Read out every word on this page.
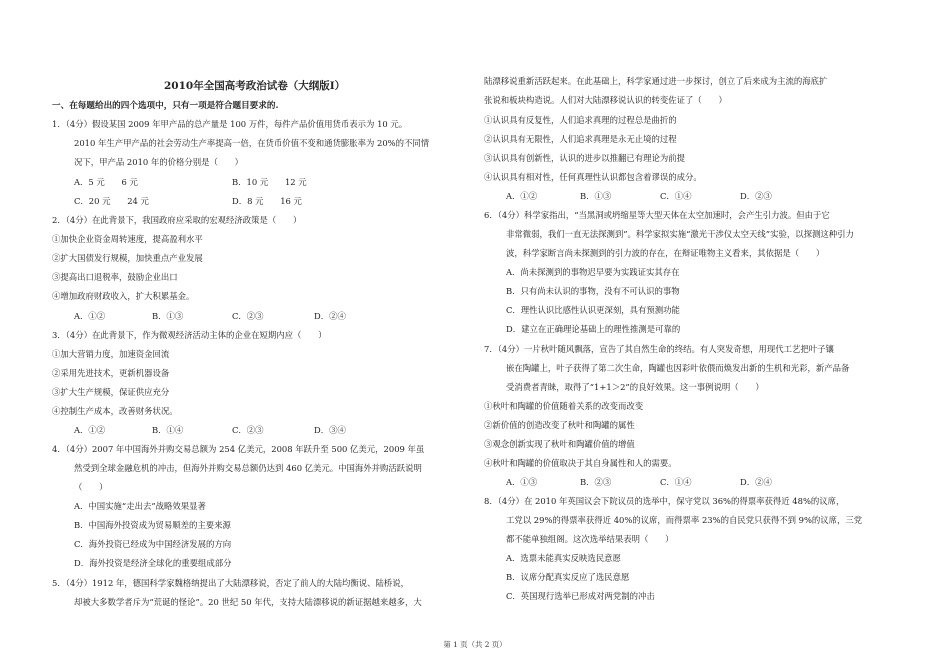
2010年全国高考政治试卷（大纲版Ⅰ）
一、在每题给出的四个选项中，只有一项是符合题目要求的.
1．（4分）假设某国 2009 年甲产品的总产量是 100 万件，每件产品价值用货币表示为 10 元。
2010 年生产甲产品的社会劳动生产率提高一倍，在货币价值不变和通货膨胀率为 20%的不同情
况下，甲产品 2010 年的价格分别是（　　）
A．5 元　　6 元	B．10 元　　12 元
C．20 元　　24 元	D．8 元　　16 元
2．（4分）在此背景下，我国政府应采取的宏观经济政策是（　　）
①加快企业资金周转速度，提高盈利水平
②扩大国债发行规模，加快重点产业发展
③提高出口退税率，鼓励企业出口
④增加政府财政收入，扩大积累基金。
A．①②	B．①③	C．②③	D．②④
3．（4分）在此背景下，作为微观经济活动主体的企业在短期内应（　　）
①加大营销力度，加速资金回流
②采用先进技术，更新机器设备
③扩大生产规模，保证供应充分
④控制生产成本，改善财务状况。
A．①②	B．①④	C．②③	D．③④
4．（4分）2007 年中国海外并购交易总额为 254 亿美元，2008 年跃升至 500 亿美元，2009 年虽
然受到全球金融危机的冲击，但海外并购交易总额仍达到 460 亿美元。中国海外并购活跃说明
（　　）
A．中国实施“走出去”战略效果显著
B．中国海外投资成为贸易顺差的主要来源
C．海外投资已经成为中国经济发展的方向
D．海外投资是经济全球化的重要组成部分
5．（4分）1912 年，德国科学家魏格纳提出了大陆漂移说，否定了前人的大陆均衡说、陆桥说，
却被大多数学者斥为“荒诞的怪论”。20 世纪 50 年代，支持大陆漂移说的新证据越来越多，大
陆漂移说重新活跃起来。在此基础上，科学家通过进一步探讨，创立了后来成为主流的海底扩
张说和板块构造说。人们对大陆漂移说认识的转变佐证了（　　）
①认识具有反复性，人们追求真理的过程总是曲折的
②认识具有无限性，人们追求真理是永无止境的过程
③认识具有创新性，认识的进步以推翻已有理论为前提
④认识具有相对性，任何真理性认识都包含着谬误的成分。
A．①②	B．①③	C．①④	D．②③
6．（4分）科学家指出，“当黑洞或坍缩星等大型天体在太空加速时，会产生引力波。但由于它
非常微弱，我们一直无法探测到”。科学家拟实施“激光干涉仪太空天线”实验，以探测这种引力
波，科学家断言尚未探测到的引力波的存在，在辩证唯物主义看来，其依据是（　　）
A．尚未探测到的事物迟早要为实践证实其存在
B．只有尚未认识的事物，没有不可认识的事物
C．理性认识比感性认识更深刻，具有预测功能
D．建立在正确理论基础上的理性推测是可靠的
7．（4分）一片秋叶随风飘落，宣告了其自然生命的终结。有人突发奇想，用现代工艺把叶子镶
嵌在陶罐上，叶子获得了第二次生命，陶罐也因彩叶依偎而焕发出新的生机和光彩，新产品备
受消费者青睐，取得了“1+1＞2”的良好效果。这一事例说明（　　）
①秋叶和陶罐的价值随着关系的改变而改变
②新价值的创造改变了秋叶和陶罐的属性
③观念创新实现了秋叶和陶罐价值的增值
④秋叶和陶罐的价值取决于其自身属性和人的需要。
A．①③	B．②③	C．①④	D．②④
8．（4分）在 2010 年英国议会下院议员的选举中，保守党以 36%的得票率获得近 48%的议席，
工党以 29%的得票率获得近 40%的议席，而得票率 23%的自民党只获得不到 9%的议席，三党
都不能单独组阁。这次选举结果表明（　　）
A．选票未能真实反映选民意愿
B．议席分配真实反应了选民意愿
C．英国现行选举已形成对两党制的冲击
第 1 页（共 2 页）
